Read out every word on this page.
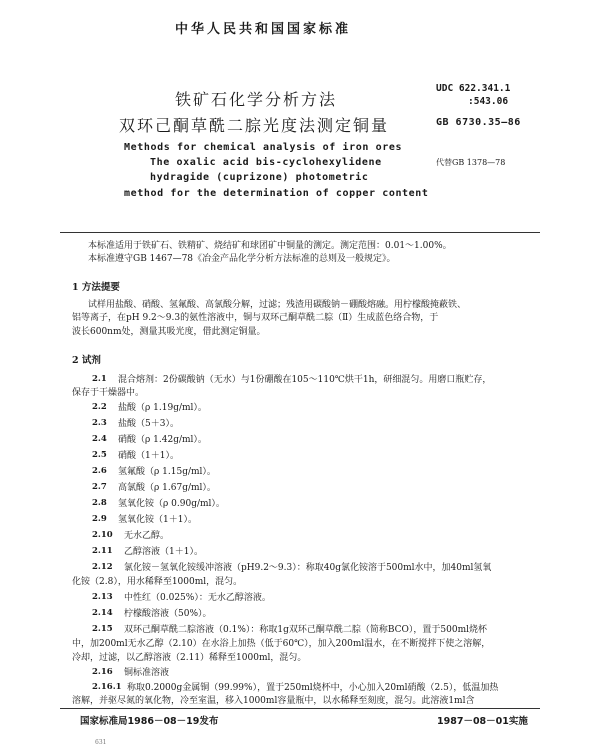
中华人民共和国国家标准
铁矿石化学分析方法
双环己酮草酰二腙光度法测定铜量
UDC 622.341.1
:543.06
GB 6730.35—86
Methods for chemical analysis of iron ores
The oxalic acid bis-cyclohexylidene
hydragide (cuprizone) photometric
method for the determination of copper content
代替GB 1378—78
本标准适用于铁矿石、铁精矿、烧结矿和球团矿中铜量的测定。测定范围：0.01～1.00%。
本标准遵守GB 1467—78《冶金产品化学分析方法标准的总则及一般规定》。
1 方法提要
试样用盐酸、硝酸、氢氟酸、高氯酸分解，过滤；残渣用碳酸钠－硼酸熔融。用柠檬酸掩蔽铁、
铝等离子，在pH 9.2～9.3的氨性溶液中，铜与双环己酮草酰二腙（Ⅱ）生成蓝色络合物，于
波长600nm处，测量其吸光度，借此测定铜量。
2 试剂
2.1 混合熔剂：2份碳酸钠（无水）与1份硼酸在105～110℃烘干1h，研细混匀。用磨口瓶贮存，
保存于干燥器中。
2.2 盐酸（ρ 1.19g/ml）。
2.3 盐酸（5＋3）。
2.4 硝酸（ρ 1.42g/ml）。
2.5 硝酸（1＋1）。
2.6 氢氟酸（ρ 1.15g/ml）。
2.7 高氯酸（ρ 1.67g/ml）。
2.8 氢氧化铵（ρ 0.90g/ml）。
2.9 氢氧化铵（1＋1）。
2.10 无水乙醇。
2.11 乙醇溶液（1＋1）。
2.12 氯化铵－氢氧化铵缓冲溶液（pH9.2～9.3）：称取40g氯化铵溶于500ml水中，加40ml氢氧
化铵（2.8），用水稀释至1000ml，混匀。
2.13 中性红（0.025%）：无水乙醇溶液。
2.14 柠檬酸溶液（50%）。
2.15 双环己酮草酰二腙溶液（0.1%）：称取1g双环己酮草酰二腙（简称BCO），置于500ml烧杯
中，加200ml无水乙醇（2.10）在水浴上加热（低于60℃），加入200ml温水，在不断搅拌下使之溶解，
冷却，过滤，以乙醇溶液（2.11）稀释至1000ml，混匀。
2.16 铜标准溶液
2.16.1 称取0.2000g金属铜（99.99%），置于250ml烧杯中，小心加入20ml硝酸（2.5），低温加热
溶解，并驱尽氮的氧化物，冷至室温，移入1000ml容量瓶中，以水稀释至刻度，混匀。此溶液1ml含
国家标准局1986－08－19发布	1987－08－01实施
631
